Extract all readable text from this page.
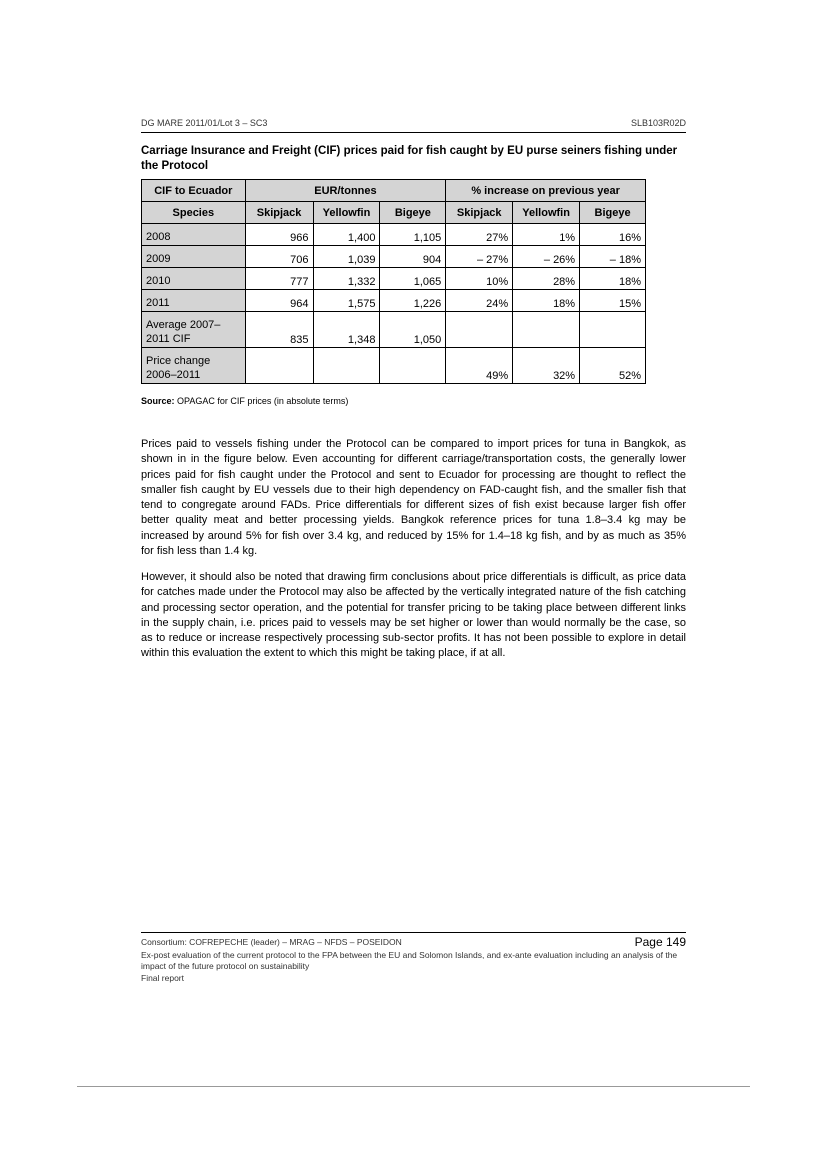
DG MARE 2011/01/Lot 3 – SC3	SLB103R02D
Carriage Insurance and Freight (CIF) prices paid for fish caught by EU purse seiners fishing under the Protocol
CIF to Ecuador	EUR/tonnes			% increase on previous year		
Species	Skipjack	Yellowfin	Bigeye	Skipjack	Yellowfin	Bigeye
2008	966	1,400	1,105	27%	1%	16%
2009	706	1,039	904	– 27%	– 26%	– 18%
2010	777	1,332	1,065	10%	28%	18%
2011	964	1,575	1,226	24%	18%	15%
Average 2007–2011 CIF	835	1,348	1,050			
Price change 2006–2011				49%	32%	52%
Source: OPAGAC for CIF prices (in absolute terms)

Prices paid to vessels fishing under the Protocol can be compared to import prices for tuna in Bangkok, as shown in in the figure below. Even accounting for different carriage/transportation costs, the generally lower prices paid for fish caught under the Protocol and sent to Ecuador for processing are thought to reflect the smaller fish caught by EU vessels due to their high dependency on FAD-caught fish, and the smaller fish that tend to congregate around FADs. Price differentials for different sizes of fish exist because larger fish offer better quality meat and better processing yields. Bangkok reference prices for tuna 1.8–3.4 kg may be increased by around 5% for fish over 3.4 kg, and reduced by 15% for 1.4–18 kg fish, and by as much as 35% for fish less than 1.4 kg.

However, it should also be noted that drawing firm conclusions about price differentials is difficult, as price data for catches made under the Protocol may also be affected by the vertically integrated nature of the fish catching and processing sector operation, and the potential for transfer pricing to be taking place between different links in the supply chain, i.e. prices paid to vessels may be set higher or lower than would normally be the case, so as to reduce or increase respectively processing sub-sector profits. It has not been possible to explore in detail within this evaluation the extent to which this might be taking place, if at all.

Consortium: COFREPECHE (leader) – MRAG – NFDS – POSEIDON	Page 149
Ex-post evaluation of the current protocol to the FPA between the EU and Solomon Islands, and ex-ante evaluation including an analysis of the impact of the future protocol on sustainability
Final report
